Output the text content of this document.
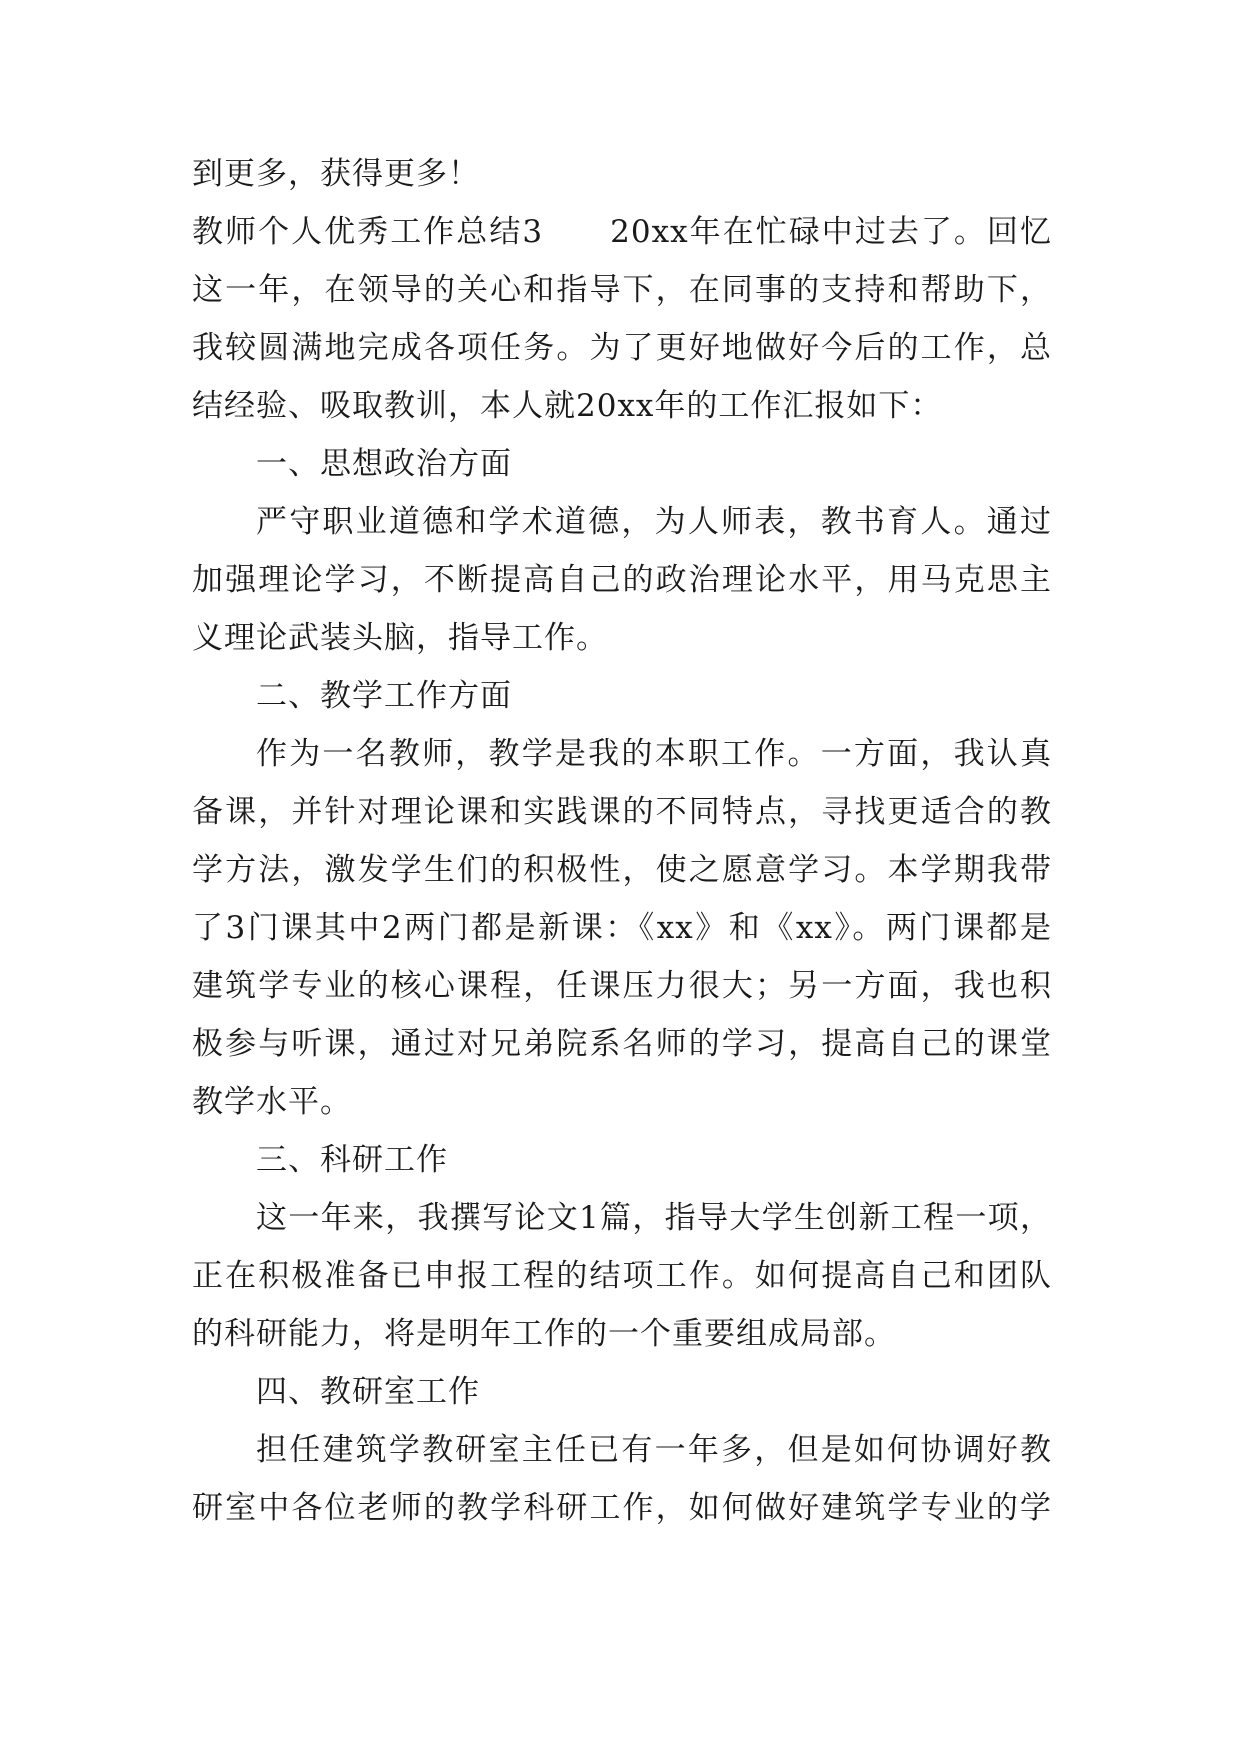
到更多，获得更多！
教师个人优秀工作总结3　　20xx年在忙碌中过去了。回忆
这一年，在领导的关心和指导下，在同事的支持和帮助下，
我较圆满地完成各项任务。为了更好地做好今后的工作，总
结经验、吸取教训，本人就20xx年的工作汇报如下：
一、思想政治方面
严守职业道德和学术道德，为人师表，教书育人。通过
加强理论学习，不断提高自己的政治理论水平，用马克思主
义理论武装头脑，指导工作。
二、教学工作方面
作为一名教师，教学是我的本职工作。一方面，我认真
备课，并针对理论课和实践课的不同特点，寻找更适合的教
学方法，激发学生们的积极性，使之愿意学习。本学期我带
了3门课其中2两门都是新课：《xx》和《xx》。两门课都是
建筑学专业的核心课程，任课压力很大；另一方面，我也积
极参与听课，通过对兄弟院系名师的学习，提高自己的课堂
教学水平。
三、科研工作
这一年来，我撰写论文1篇，指导大学生创新工程一项，
正在积极准备已申报工程的结项工作。如何提高自己和团队
的科研能力，将是明年工作的一个重要组成局部。
四、教研室工作
担任建筑学教研室主任已有一年多，但是如何协调好教
研室中各位老师的教学科研工作，如何做好建筑学专业的学
